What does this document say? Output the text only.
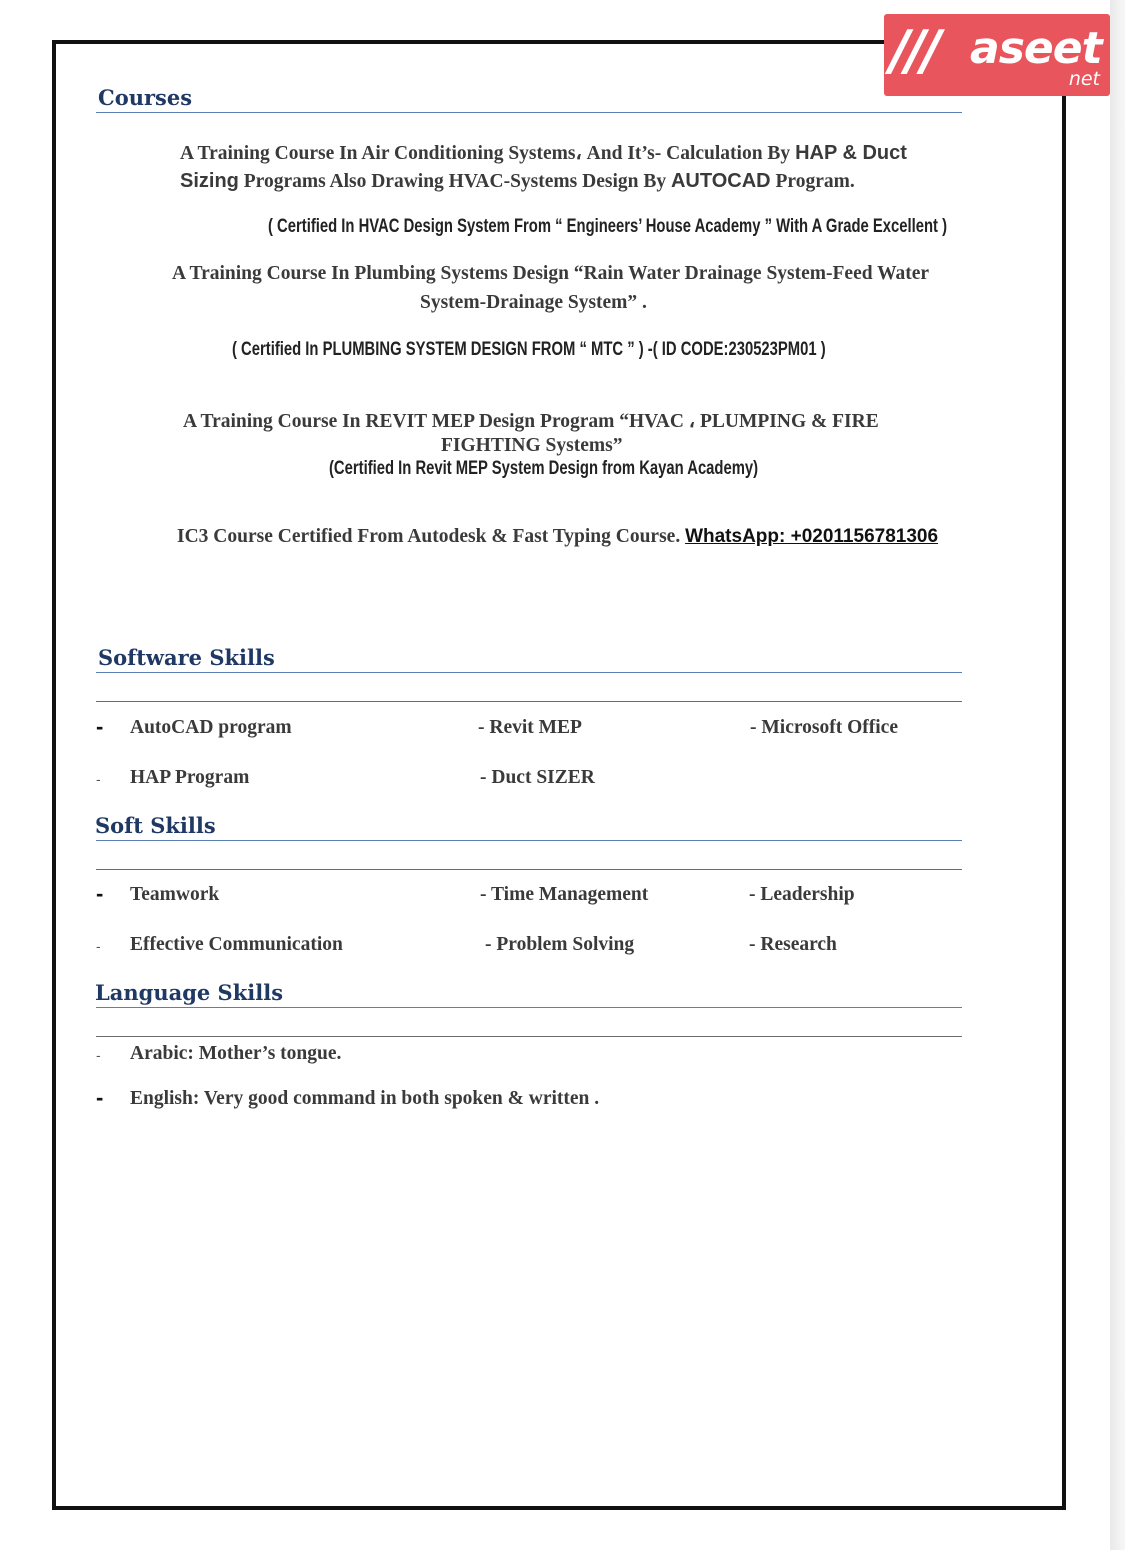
/// aseet
net
Courses
A Training Course In Air Conditioning Systems، And It’s- Calculation By HAP & Duct
Sizing Programs Also Drawing HVAC-Systems Design By AUTOCAD Program.
( Certified In HVAC Design System From “ Engineers’ House Academy ” With A Grade Excellent )
A Training Course In Plumbing Systems Design “Rain Water Drainage System-Feed Water
System-Drainage System” .
( Certified In PLUMBING SYSTEM DESIGN FROM “ MTC ” ) -( ID CODE:230523PM01 )
A Training Course In REVIT MEP Design Program “HVAC ، PLUMPING & FIRE
FIGHTING Systems”
(Certified In Revit MEP System Design from Kayan Academy)
IC3 Course Certified From Autodesk & Fast Typing Course. WhatsApp: +0201156781306
Software Skills
- AutoCAD program	- Revit MEP	- Microsoft Office
- HAP Program	- Duct SIZER
Soft Skills
- Teamwork	- Time Management	- Leadership
- Effective Communication	- Problem Solving	- Research
Language Skills
- Arabic: Mother’s tongue.
- English: Very good command in both spoken & written .
